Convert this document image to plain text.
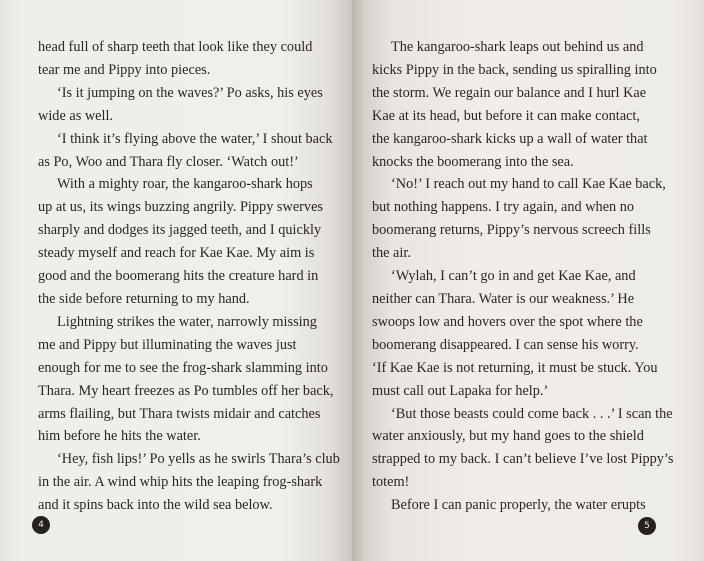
head full of sharp teeth that look like they could
tear me and Pippy into pieces.
‘Is it jumping on the waves?’ Po asks, his eyes
wide as well.
‘I think it’s flying above the water,’ I shout back
as Po, Woo and Thara fly closer. ‘Watch out!’
With a mighty roar, the kangaroo-shark hops
up at us, its wings buzzing angrily. Pippy swerves
sharply and dodges its jagged teeth, and I quickly
steady myself and reach for Kae Kae. My aim is
good and the boomerang hits the creature hard in
the side before returning to my hand.
Lightning strikes the water, narrowly missing
me and Pippy but illuminating the waves just
enough for me to see the frog-shark slamming into
Thara. My heart freezes as Po tumbles off her back,
arms flailing, but Thara twists midair and catches
him before he hits the water.
‘Hey, fish lips!’ Po yells as he swirls Thara’s club
in the air. A wind whip hits the leaping frog-shark
and it spins back into the wild sea below.
4
The kangaroo-shark leaps out behind us and
kicks Pippy in the back, sending us spiralling into
the storm. We regain our balance and I hurl Kae
Kae at its head, but before it can make contact,
the kangaroo-shark kicks up a wall of water that
knocks the boomerang into the sea.
‘No!’ I reach out my hand to call Kae Kae back,
but nothing happens. I try again, and when no
boomerang returns, Pippy’s nervous screech fills
the air.
‘Wylah, I can’t go in and get Kae Kae, and
neither can Thara. Water is our weakness.’ He
swoops low and hovers over the spot where the
boomerang disappeared. I can sense his worry.
‘If Kae Kae is not returning, it must be stuck. You
must call out Lapaka for help.’
‘But those beasts could come back . . .’ I scan the
water anxiously, but my hand goes to the shield
strapped to my back. I can’t believe I’ve lost Pippy’s
totem!
Before I can panic properly, the water erupts
5
